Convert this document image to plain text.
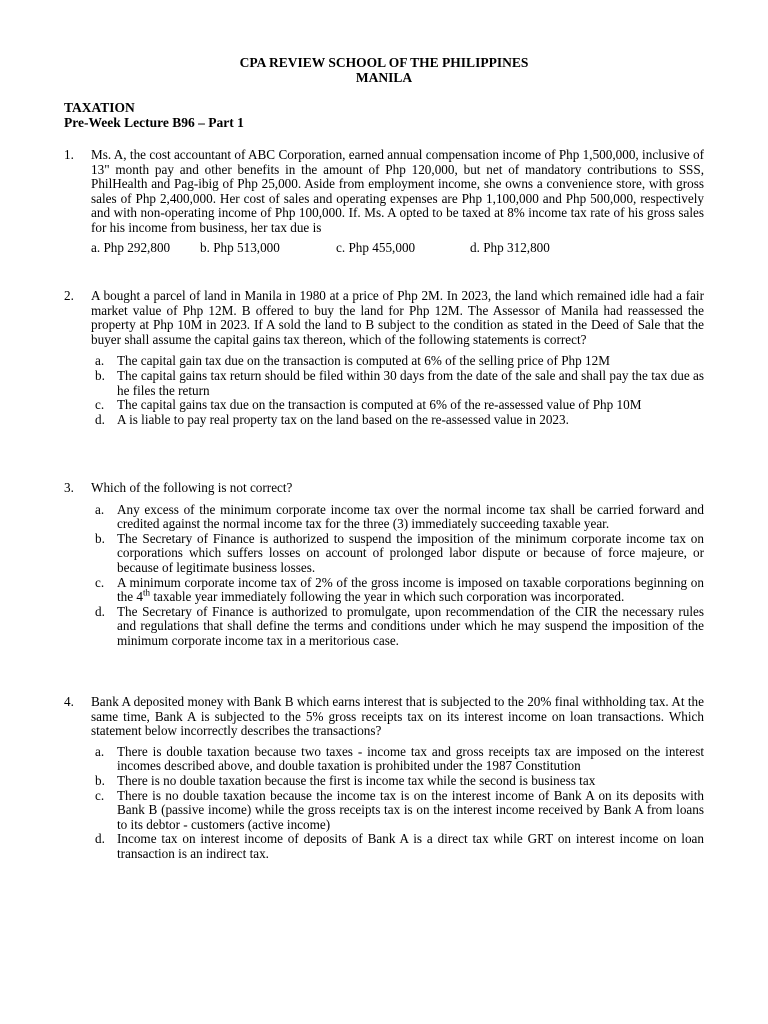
CPA REVIEW SCHOOL OF THE PHILIPPINES
MANILA
TAXATION
Pre-Week Lecture B96 – Part 1
1. Ms. A, the cost accountant of ABC Corporation, earned annual compensation income of Php 1,500,000, inclusive of 13" month pay and other benefits in the amount of Php 120,000, but net of mandatory contributions to SSS, PhilHealth and Pag-ibig of Php 25,000. Aside from employment income, she owns a convenience store, with gross sales of Php 2,400,000. Her cost of sales and operating expenses are Php 1,100,000 and Php 500,000, respectively and with non-operating income of Php 100,000. If. Ms. A opted to be taxed at 8% income tax rate of his gross sales for his income from business, her tax due is
a. Php 292,800 b. Php 513,000	c. Php 455,000	d. Php 312,800
2. A bought a parcel of land in Manila in 1980 at a price of Php 2M. In 2023, the land which remained idle had a fair market value of Php 12M. B offered to buy the land for Php 12M. The Assessor of Manila had reassessed the property at Php 10M in 2023. If A sold the land to B subject to the condition as stated in the Deed of Sale that the buyer shall assume the capital gains tax thereon, which of the following statements is correct?
a. The capital gain tax due on the transaction is computed at 6% of the selling price of Php 12M
b. The capital gains tax return should be filed within 30 days from the date of the sale and shall pay the tax due as he files the return
c. The capital gains tax due on the transaction is computed at 6% of the re-assessed value of Php 10M
d. A is liable to pay real property tax on the land based on the re-assessed value in 2023.
3. Which of the following is not correct?
a. Any excess of the minimum corporate income tax over the normal income tax shall be carried forward and credited against the normal income tax for the three (3) immediately succeeding taxable year.
b. The Secretary of Finance is authorized to suspend the imposition of the minimum corporate income tax on corporations which suffers losses on account of prolonged labor dispute or because of force majeure, or because of legitimate business losses.
c. A minimum corporate income tax of 2% of the gross income is imposed on taxable corporations beginning on the 4th taxable year immediately following the year in which such corporation was incorporated.
d. The Secretary of Finance is authorized to promulgate, upon recommendation of the CIR the necessary rules and regulations that shall define the terms and conditions under which he may suspend the imposition of the minimum corporate income tax in a meritorious case.
4. Bank A deposited money with Bank B which earns interest that is subjected to the 20% final withholding tax. At the same time, Bank A is subjected to the 5% gross receipts tax on its interest income on loan transactions. Which statement below incorrectly describes the transactions?
a. There is double taxation because two taxes - income tax and gross receipts tax are imposed on the interest incomes described above, and double taxation is prohibited under the 1987 Constitution
b. There is no double taxation because the first is income tax while the second is business tax
c. There is no double taxation because the income tax is on the interest income of Bank A on its deposits with Bank B (passive income) while the gross receipts tax is on the interest income received by Bank A from loans to its debtor - customers (active income)
d. Income tax on interest income of deposits of Bank A is a direct tax while GRT on interest income on loan transaction is an indirect tax.
